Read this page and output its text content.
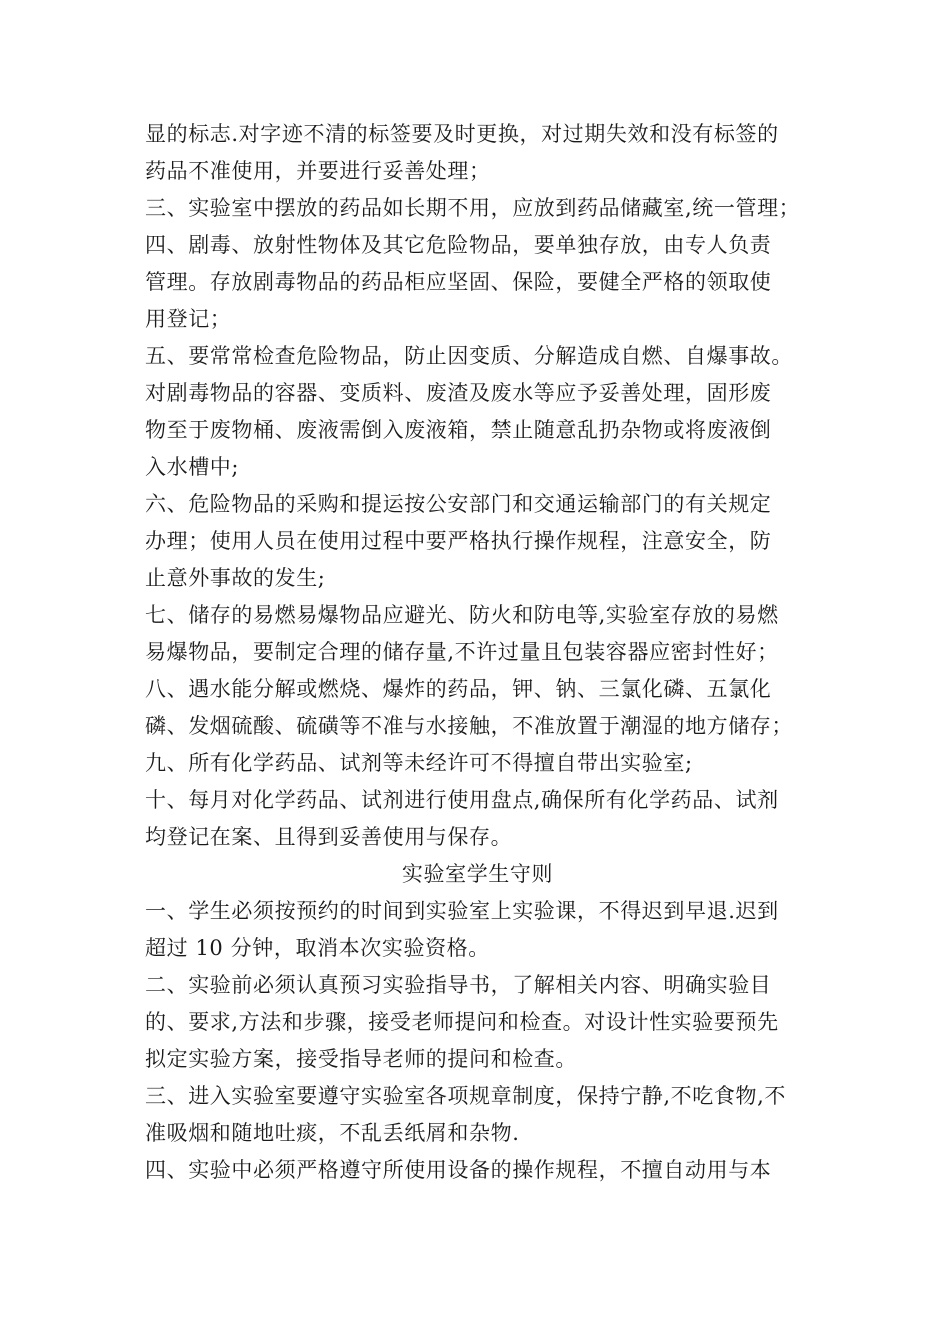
显的标志.对字迹不清的标签要及时更换，对过期失效和没有标签的
药品不准使用，并要进行妥善处理；
三、实验室中摆放的药品如长期不用，应放到药品储藏室,统一管理；
四、剧毒、放射性物体及其它危险物品，要单独存放，由专人负责
管理。存放剧毒物品的药品柜应坚固、保险，要健全严格的领取使
用登记；
五、要常常检查危险物品，防止因变质、分解造成自燃、自爆事故。
对剧毒物品的容器、变质料、废渣及废水等应予妥善处理，固形废
物至于废物桶、废液需倒入废液箱，禁止随意乱扔杂物或将废液倒
入水槽中;
六、危险物品的采购和提运按公安部门和交通运输部门的有关规定
办理；使用人员在使用过程中要严格执行操作规程，注意安全，防
止意外事故的发生;
七、储存的易燃易爆物品应避光、防火和防电等,实验室存放的易燃
易爆物品，要制定合理的储存量,不许过量且包装容器应密封性好；
八、遇水能分解或燃烧、爆炸的药品，钾、钠、三氯化磷、五氯化
磷、发烟硫酸、硫磺等不准与水接触，不准放置于潮湿的地方储存；
九、所有化学药品、试剂等未经许可不得擅自带出实验室;
十、每月对化学药品、试剂进行使用盘点,确保所有化学药品、试剂
均登记在案、且得到妥善使用与保存。
实验室学生守则
一、学生必须按预约的时间到实验室上实验课，不得迟到早退.迟到
超过 10 分钟，取消本次实验资格。
二、实验前必须认真预习实验指导书，了解相关内容、明确实验目
的、要求,方法和步骤，接受老师提问和检查。对设计性实验要预先
拟定实验方案，接受指导老师的提问和检查。
三、进入实验室要遵守实验室各项规章制度，保持宁静,不吃食物,不
准吸烟和随地吐痰，不乱丢纸屑和杂物.
四、实验中必须严格遵守所使用设备的操作规程，不擅自动用与本
